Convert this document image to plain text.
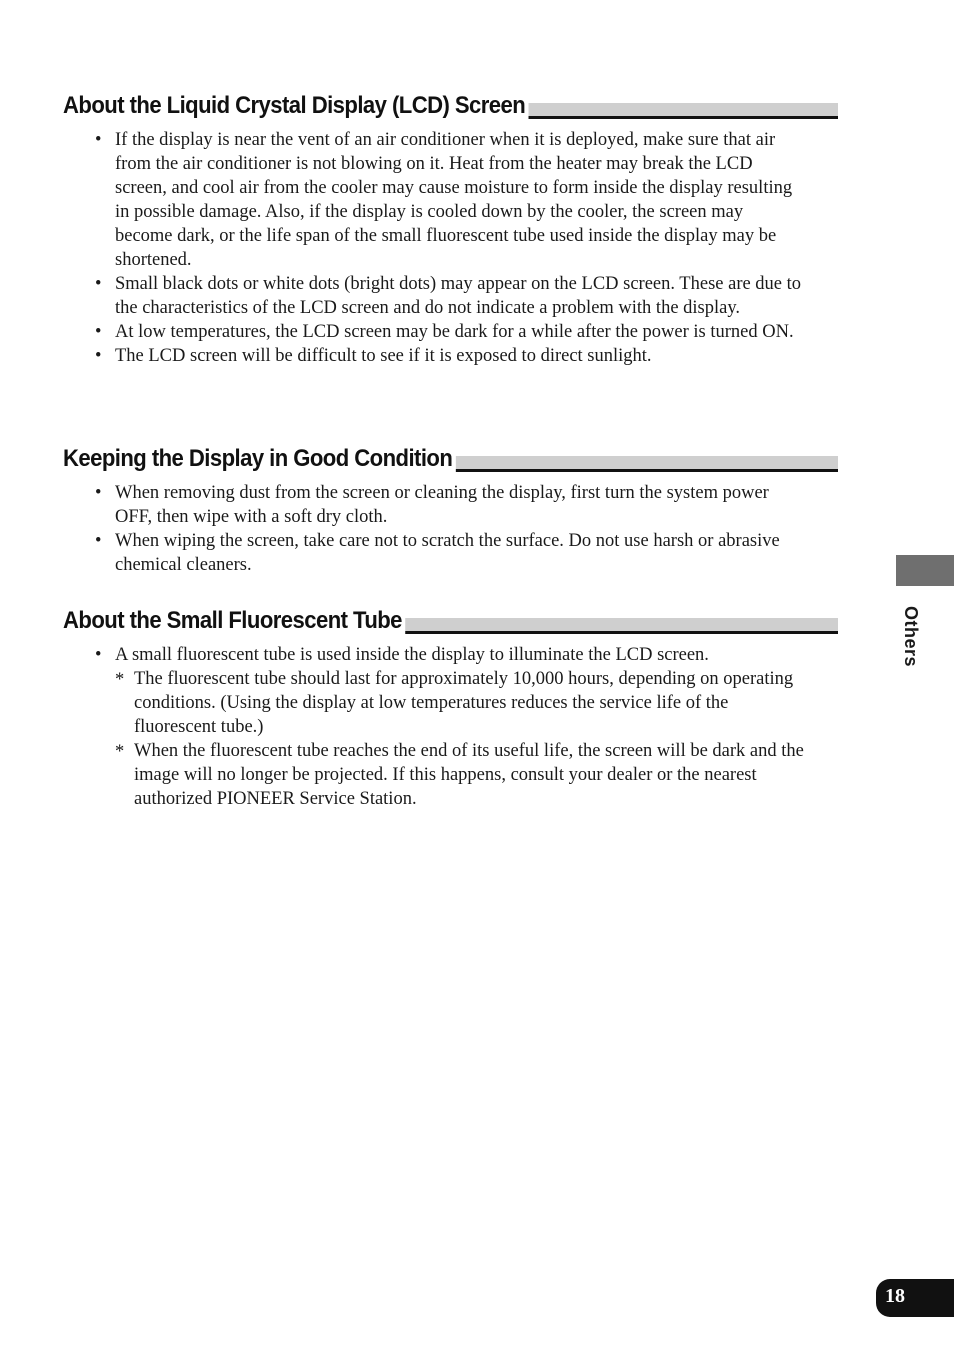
About the Liquid Crystal Display (LCD) Screen
• If the display is near the vent of an air conditioner when it is deployed, make sure that air from the air conditioner is not blowing on it. Heat from the heater may break the LCD screen, and cool air from the cooler may cause moisture to form inside the display resulting in possible damage. Also, if the display is cooled down by the cooler, the screen may become dark, or the life span of the small fluorescent tube used inside the display may be shortened.
• Small black dots or white dots (bright dots) may appear on the LCD screen. These are due to the characteristics of the LCD screen and do not indicate a problem with the display.
• At low temperatures, the LCD screen may be dark for a while after the power is turned ON.
• The LCD screen will be difficult to see if it is exposed to direct sunlight.
Keeping the Display in Good Condition
• When removing dust from the screen or cleaning the display, first turn the system power OFF, then wipe with a soft dry cloth.
• When wiping the screen, take care not to scratch the surface. Do not use harsh or abrasive chemical cleaners.
About the Small Fluorescent Tube
• A small fluorescent tube is used inside the display to illuminate the LCD screen.
* The fluorescent tube should last for approximately 10,000 hours, depending on operating conditions. (Using the display at low temperatures reduces the service life of the fluorescent tube.)
* When the fluorescent tube reaches the end of its useful life, the screen will be dark and the image will no longer be projected. If this happens, consult your dealer or the nearest authorized PIONEER Service Station.
Others
18
